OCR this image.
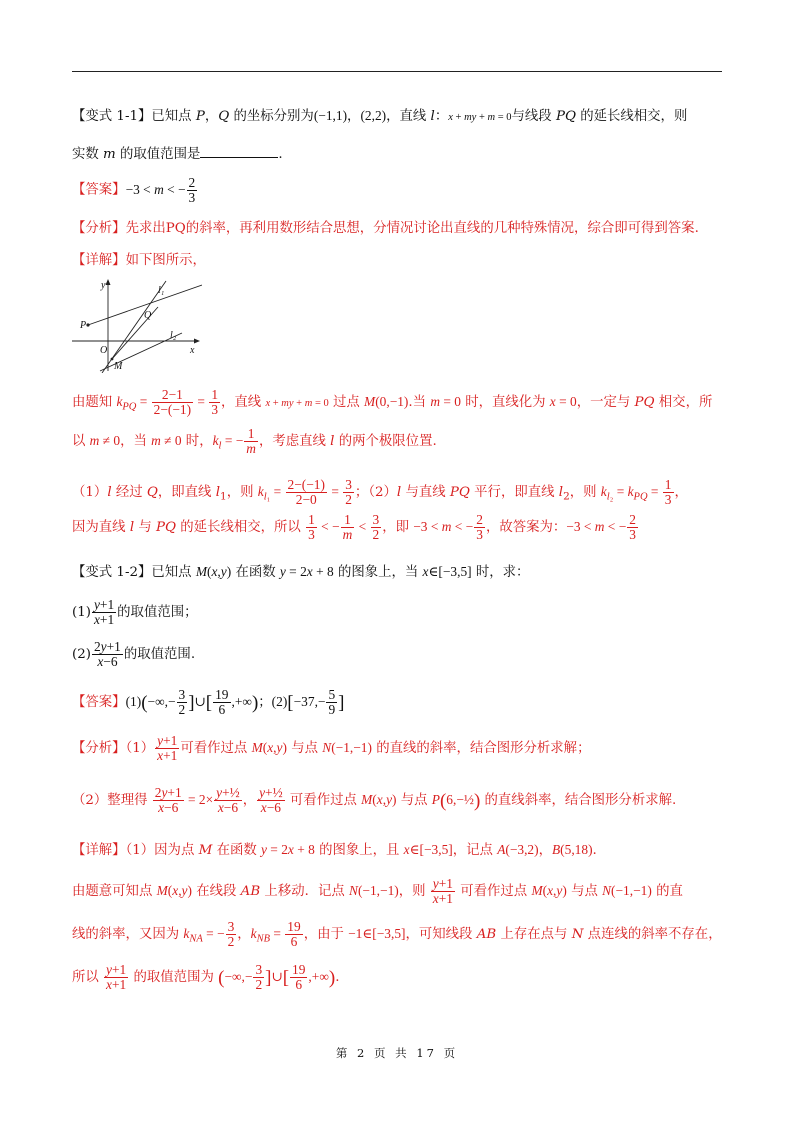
【变式 1-1】已知点 P，Q 的坐标分别为(−1,1)，(2,2)，直线 l：x + my + m = 0与线段 PQ 的延长线相交，则
实数 m 的取值范围是	.
【答案】−3 < m < − $\frac{2}{3}$
【分析】先求出PQ的斜率，再利用数形结合思想，分情况讨论出直线的几种特殊情况，综合即可得到答案.
【详解】如下图所示，
y	l₁
Q
P
l₂
O	x
M
由题知 $k_{PQ} = \frac{2-1}{2-(-1)} = \frac{1}{3}$ ，直线 x + my + m = 0 过点 M(0,−1).当 m = 0 时，直线化为 x = 0，一定与 PQ 相交，所
以 m ≠ 0，当 m ≠ 0 时，$k_l$ = − $\frac{1}{m}$ ，考虑直线 l 的两个极限位置.
（1）l 经过 Q，即直线 $l_1$，则 $k_{l_1} = \frac{2-(-1)}{2-0} = \frac{3}{2}$ ；（2）l 与直线 PQ 平行，即直线 $l_2$，则 $k_{l_2} = k_{PQ} = \frac{1}{3}$ ，
因为直线 l 与 PQ 的延长线相交，所以 $\frac{1}{3}$ < − $\frac{1}{m} < \frac{3}{2}$ ，即 −3 < m < − $\frac{2}{3}$ ，故答案为：−3 < m < − $\frac{2}{3}$
【变式 1-2】已知点 M(x,y) 在函数 y = 2x + 8 的图象上，当 x∈[−3,5] 时，求：
$(1) \frac{y+1}{x+1}$ 的取值范围；
$(2) \frac{2y+1}{x-6}$ 的取值范围.
【答案】$(1)(-\infty,- \frac{3}{2}$ ]∪[ $\frac{19}{6}$ ,+∞)；$(2)[-37,- \frac{5}{9}$ ]
【分析】$(1) \frac{y+1}{x+1}$ 可看作过点 M(x,y) 与点 N(−1,−1) 的直线的斜率，结合图形分析求解；
（2）整理得 $\frac{2y+1}{x-6} = 2\times \frac{\text{y+½}}{x-6}$ ， $\frac{\text{y+½}}{x-6}$ 可看作过点 M(x,y) 与点 P(6,−½) 的直线斜率，结合图形分析求解.
【详解】（1）因为点 M 在函数 y = 2x + 8 的图象上，且 x∈[−3,5]，记点 A(−3,2)，B(5,18).
由题意可知点 M(x,y) 在线段 AB 上移动．记点 N(−1,−1)，则 $\frac{y+1}{x+1}$ 可看作过点 M(x,y) 与点 N(−1,−1) 的直
线的斜率，又因为 $k_{NA}$ = − $\frac{3}{2}$ ，$k_{NB} = \frac{19}{6}$ ，由于 −1∈[−3,5]，可知线段 AB 上存在点与 N 点连线的斜率不存在，
所以 $\frac{y+1}{x+1}$ 的取值范围为 (−∞,− $\frac{3}{2}$ ]∪[ $\frac{19}{6}$ ,+∞).
第 2 页 共 17 页
